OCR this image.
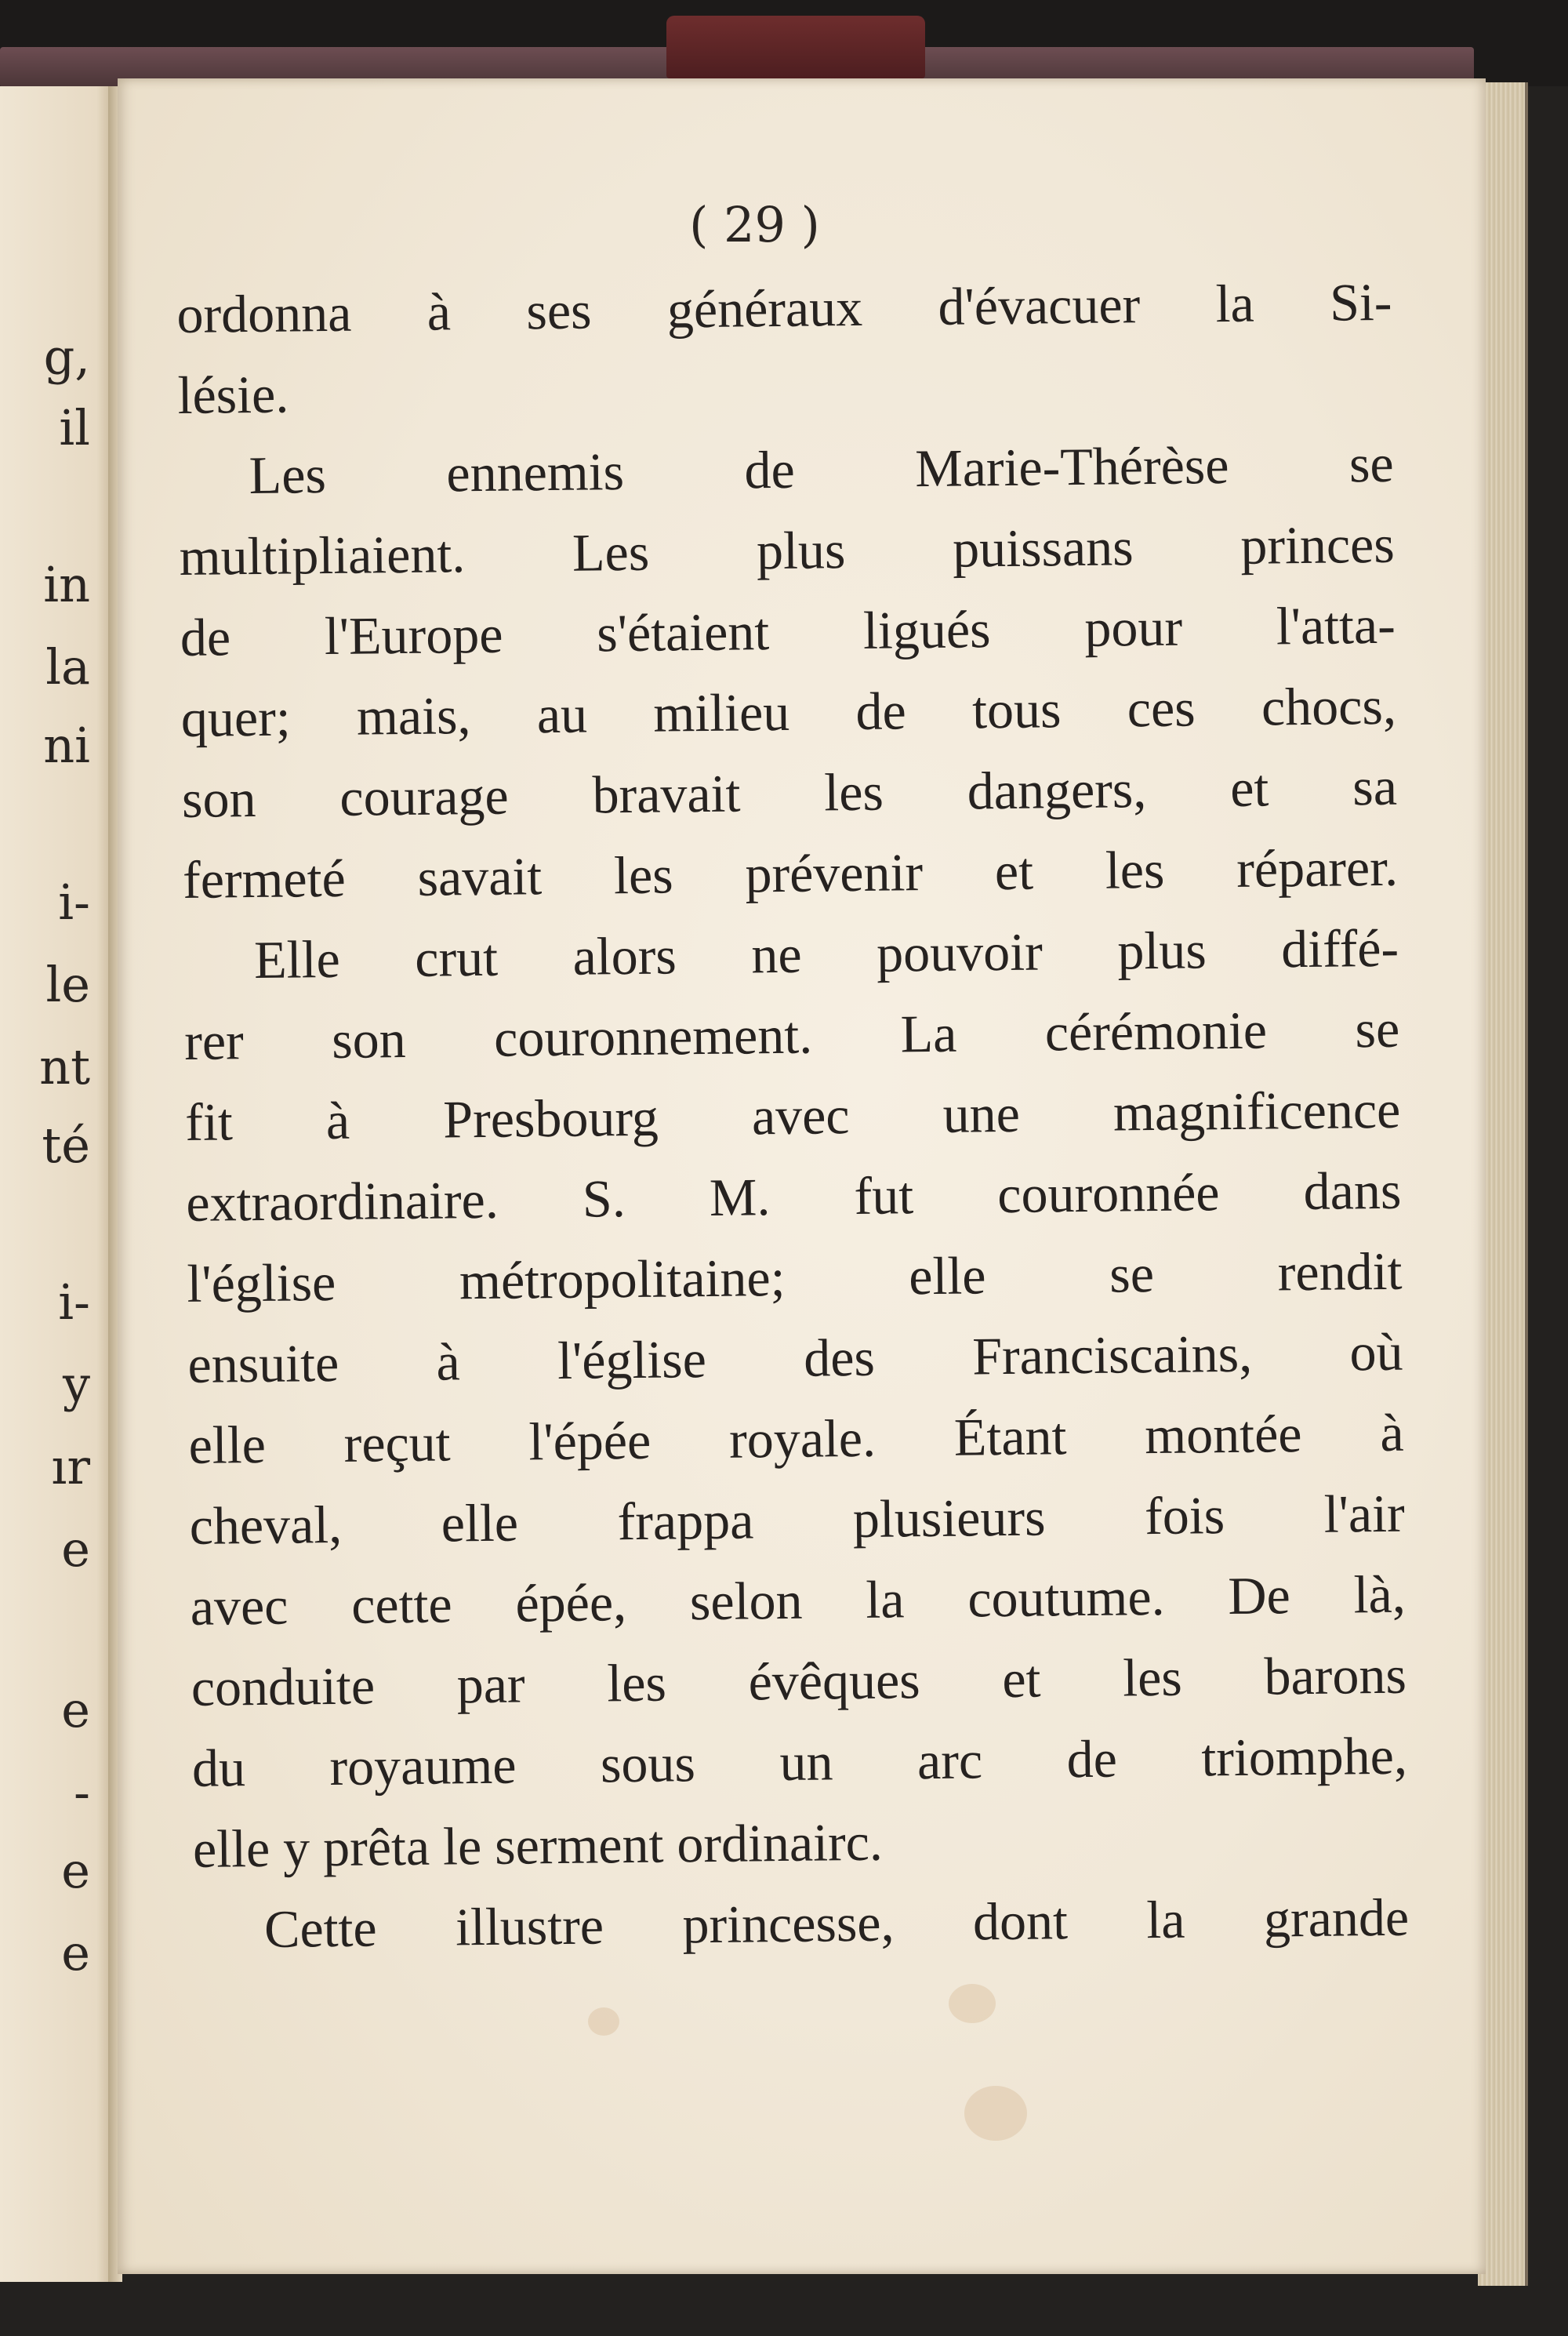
g,
il
in
la
ni
i-
le
nt
té
i-
y
ır
e
e
-
e
e
( 29 )
ordonna à ses généraux d'évacuer la Si-
lésie.
Les ennemis de Marie-Thérèse se
multipliaient. Les plus puissans princes
de l'Europe s'étaient ligués pour l'atta-
quer; mais, au milieu de tous ces chocs,
son courage bravait les dangers, et sa
fermeté savait les prévenir et les réparer.
Elle crut alors ne pouvoir plus diffé-
rer son couronnement. La cérémonie se
fit à Presbourg avec une magnificence
extraordinaire. S. M. fut couronnée dans
l'église métropolitaine; elle se rendit
ensuite à l'église des Franciscains, où
elle reçut l'épée royale. Étant montée à
cheval, elle frappa plusieurs fois l'air
avec cette épée, selon la coutume. De là,
conduite par les évêques et les barons
du royaume sous un arc de triomphe,
elle y prêta le serment ordinairc.
Cette illustre princesse, dont la grande
